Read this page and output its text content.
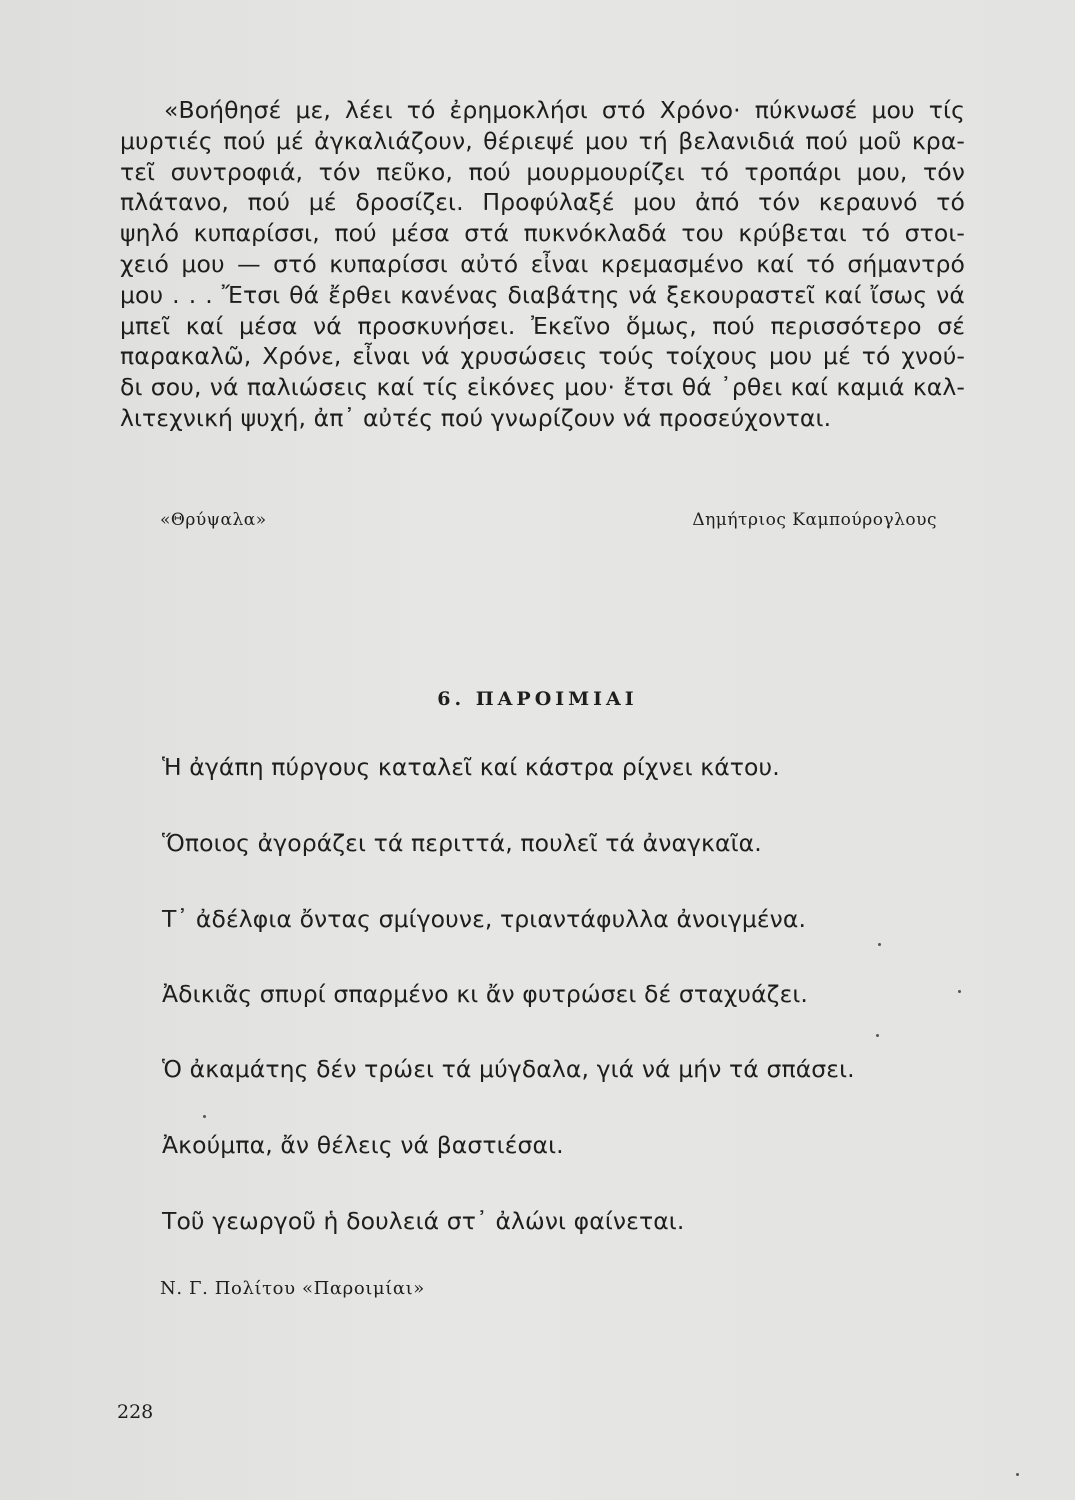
«Βοήθησέ με, λέει τό ἐρημοκλήσι στό Χρόνο· πύκνωσέ μου τίς
μυρτιές πού μέ ἀγκαλιάζουν, θέριεψέ μου τή βελανιδιά πού μοῦ κρα-
τεῖ συντροφιά, τόν πεῦκο, πού μουρμουρίζει τό τροπάρι μου, τόν
πλάτανο, πού μέ δροσίζει. Προφύλαξέ μου ἀπό τόν κεραυνό τό
ψηλό κυπαρίσσι, πού μέσα στά πυκνόκλαδά του κρύβεται τό στοι-
χειό μου — στό κυπαρίσσι αὐτό εἶναι κρεμασμένο καί τό σήμαντρό
μου . . . Ἔτσι θά ἔρθει κανένας διαβάτης νά ξεκουραστεῖ καί ἴσως νά
μπεῖ καί μέσα νά προσκυνήσει. Ἐκεῖνο ὅμως, πού περισσότερο σέ
παρακαλῶ, Χρόνε, εἶναι νά χρυσώσεις τούς τοίχους μου μέ τό χνού-
δι σου, νά παλιώσεις καί τίς εἰκόνες μου· ἔτσι θά ᾽ρθει καί καμιά καλ-
λιτεχνική ψυχή, ἀπ᾽ αὐτές πού γνωρίζουν νά προσεύχονται.
«Θρύψαλα»	Δημήτριος Καμπούρογλους
6. ΠΑΡΟΙΜΙΑΙ
Ἡ ἀγάπη πύργους καταλεῖ καί κάστρα ρίχνει κάτου.
Ὅποιος ἀγοράζει τά περιττά, πουλεῖ τά ἀναγκαῖα.
Τ᾽ ἀδέλφια ὄντας σμίγουνε, τριαντάφυλλα ἀνοιγμένα.
Ἀδικιᾶς σπυρί σπαρμένο κι ἄν φυτρώσει δέ σταχυάζει.
Ὁ ἀκαμάτης δέν τρώει τά μύγδαλα, γιά νά μήν τά σπάσει.
Ἀκούμπα, ἄν θέλεις νά βαστιέσαι.
Τοῦ γεωργοῦ ἡ δουλειά στ᾽ ἀλώνι φαίνεται.
Ν. Γ. Πολίτου «Παροιμίαι»
228
